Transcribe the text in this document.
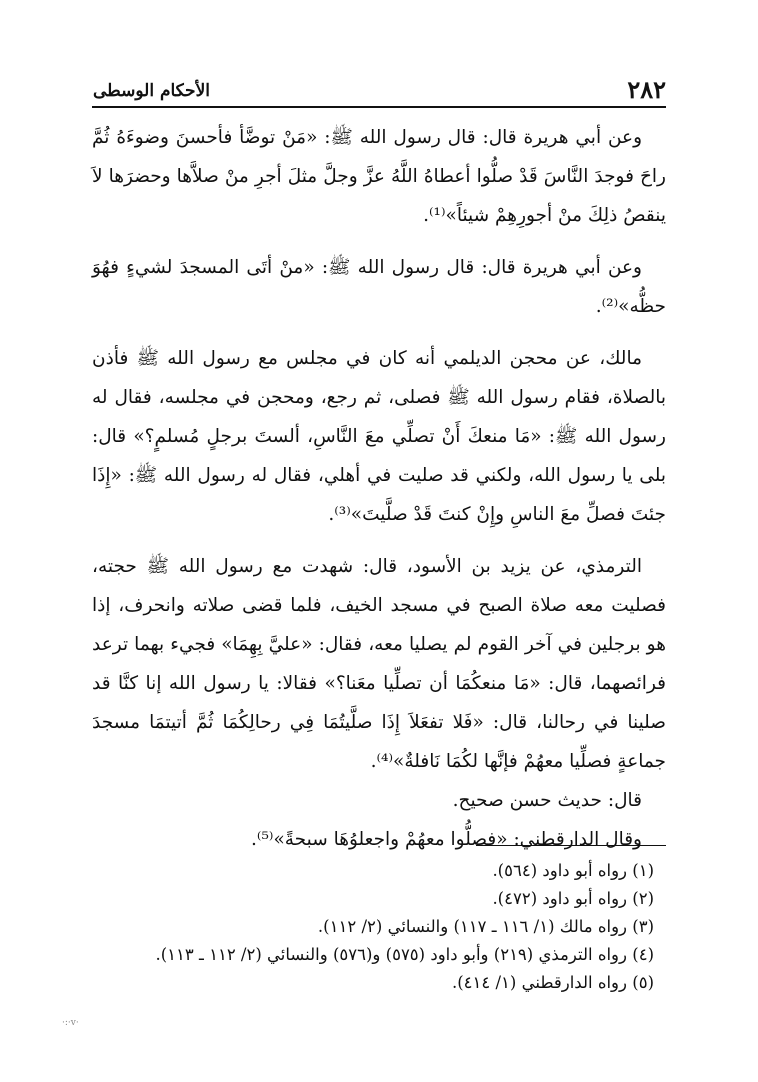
٢٨٢
الأحكام الوسطى

وعن أبي هريرة قال: قال رسول الله ﷺ: «مَنْ توضَّأ فأحسنَ وضوءَهُ ثُمَّ راحَ فوجدَ النَّاسَ قَدْ صلُّوا أعطاهُ اللَّهُ عزَّ وجلَّ مثلَ أجرِ منْ صلاَّها وحضرَها لاَ ينقصُ ذلِكَ منْ أجورِهِمْ شيئاً»⁽¹⁾.

وعن أبي هريرة قال: قال رسول الله ﷺ: «منْ أتَى المسجدَ لشيءٍ فهُوَ حظُّه»⁽²⁾.

مالك، عن محجن الديلمي أنه كان في مجلس مع رسول الله ﷺ فأذن بالصلاة، فقام رسول الله ﷺ فصلى، ثم رجع، ومحجن في مجلسه، فقال له رسول الله ﷺ: «مَا منعكَ أَنْ تصلِّي معَ النَّاسِ، ألستَ برجلٍ مُسلمٍ؟» قال: بلى يا رسول الله، ولكني قد صليت في أهلي، فقال له رسول الله ﷺ: «إِذَا جئتَ فصلِّ معَ الناسِ وإِنْ كنتَ قَدْ صلَّيتَ»⁽³⁾.

الترمذي، عن يزيد بن الأسود، قال: شهدت مع رسول الله ﷺ حجته، فصليت معه صلاة الصبح في مسجد الخيف، فلما قضى صلاته وانحرف، إذا هو برجلين في آخر القوم لم يصليا معه، فقال: «عليَّ بِهِمَا» فجيء بهما ترعد فرائصهما، قال: «مَا منعكُمَا أن تصلِّيا معَنا؟» فقالا: يا رسول الله إنا كنَّا قد صلينا في رحالنا، قال: «فَلا تفعَلاَ إِذَا صلَّيتُمَا فِي رحالِكُمَا ثُمَّ أتيتمَا مسجدَ جماعةٍ فصلِّيا معهُمْ فإنَّها لكُمَا نَافلةٌ»⁽⁴⁾.

قال: حديث حسن صحيح.

وقال الدارقطني: «فصلُّوا معهُمْ واجعلوُهَا سبحةً»⁽⁵⁾.

(١) رواه أبو داود (٥٦٤).

(٢) رواه أبو داود (٤٧٢).

(٣) رواه مالك (١/ ١١٦ ـ ١١٧) والنسائي (٢/ ١١٢).

(٤) رواه الترمذي (٢١٩) وأبو داود (٥٧٥) و(٥٧٦) والنسائي (٢/ ١١٢ ـ ١١٣).

(٥) رواه الدارقطني (١/ ٤١٤).

·:·v·
